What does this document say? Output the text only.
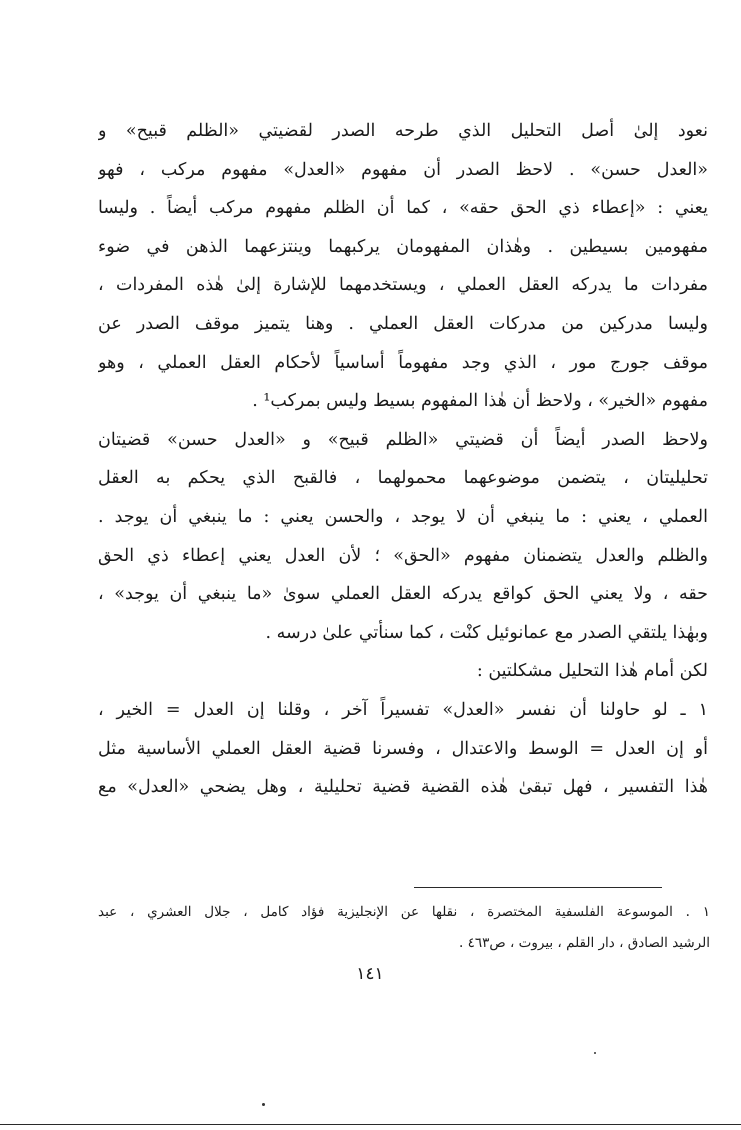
نعود إلىٰ أصل التحليل الذي طرحه الصدر لقضيتي «الظلم قبيح» و
«العدل حسن» . لاحظ الصدر أن مفهوم «العدل» مفهوم مركب ، فهو
يعني : «إعطاء ذي الحق حقه» ، كما أن الظلم مفهوم مركب أيضاً . وليسا
مفهومين بسيطين . وهٰذان المفهومان يركبهما وينتزعهما الذهن في ضوء
مفردات ما يدركه العقل العملي ، ويستخدمهما للإشارة إلىٰ هٰذه المفردات ،
وليسا مدركين من مدركات العقل العملي . وهنا يتميز موقف الصدر عن
موقف جورج مور ، الذي وجد مفهوماً أساسياً لأحكام العقل العملي ، وهو
مفهوم «الخير» ، ولاحظ أن هٰذا المفهوم بسيط وليس بمركب¹ .
ولاحظ الصدر أيضاً أن قضيتي «الظلم قبيح» و «العدل حسن» قضيتان
تحليليتان ، يتضمن موضوعهما محمولهما ، فالقبح الذي يحكم به العقل
العملي ، يعني : ما ينبغي أن لا يوجد ، والحسن يعني : ما ينبغي أن يوجد .
والظلم والعدل يتضمنان مفهوم «الحق» ؛ لأن العدل يعني إعطاء ذي الحق
حقه ، ولا يعني الحق كواقع يدركه العقل العملي سوىٰ «ما ينبغي أن يوجد» ،
وبهٰذا يلتقي الصدر مع عمانوئيل كنْت ، كما سنأتي علىٰ درسه .
لكن أمام هٰذا التحليل مشكلتين :
١ ـ لو حاولنا أن نفسر «العدل» تفسيراً آخر ، وقلنا إن العدل = الخير ،
أو إن العدل = الوسط والاعتدال ، وفسرنا قضية العقل العملي الأساسية مثل
هٰذا التفسير ، فهل تبقىٰ هٰذه القضية قضية تحليلية ، وهل يضحي «العدل» مع
١ . الموسوعة الفلسفية المختصرة ، نقلها عن الإنجليزية فؤاد كامل ، جلال العشري ، عبد
الرشيد الصادق ، دار القلم ، بيروت ، ص٤٦٣ .
١٤١
